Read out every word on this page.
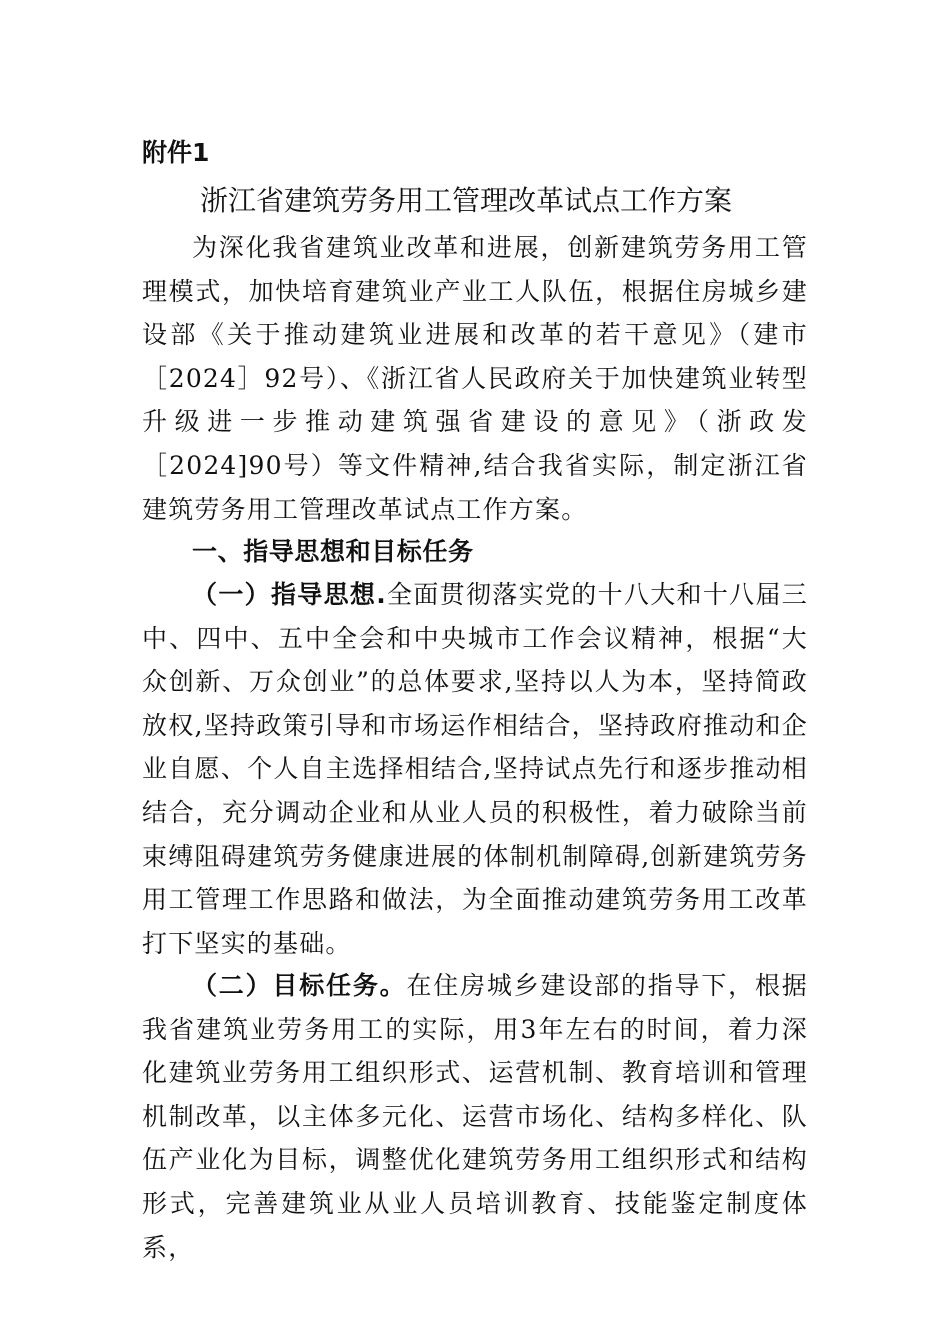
附件1
浙江省建筑劳务用工管理改革试点工作方案
为深化我省建筑业改革和进展，创新建筑劳务用工管理模式，加快培育建筑业产业工人队伍，根据住房城乡建设部《关于推动建筑业进展和改革的若干意见》（建市［2024］92号）、《浙江省人民政府关于加快建筑业转型升级进一步推动建筑强省建设的意见》（浙政发［2024]90号）等文件精神,结合我省实际，制定浙江省建筑劳务用工管理改革试点工作方案。
一、指导思想和目标任务
（一）指导思想.全面贯彻落实党的十八大和十八届三中、四中、五中全会和中央城市工作会议精神，根据“大众创新、万众创业”的总体要求,坚持以人为本，坚持简政放权,坚持政策引导和市场运作相结合，坚持政府推动和企业自愿、个人自主选择相结合,坚持试点先行和逐步推动相结合，充分调动企业和从业人员的积极性，着力破除当前束缚阻碍建筑劳务健康进展的体制机制障碍,创新建筑劳务用工管理工作思路和做法，为全面推动建筑劳务用工改革打下坚实的基础。
（二）目标任务。在住房城乡建设部的指导下，根据我省建筑业劳务用工的实际，用3年左右的时间，着力深化建筑业劳务用工组织形式、运营机制、教育培训和管理机制改革，以主体多元化、运营市场化、结构多样化、队伍产业化为目标，调整优化建筑劳务用工组织形式和结构形式，完善建筑业从业人员培训教育、技能鉴定制度体系，
